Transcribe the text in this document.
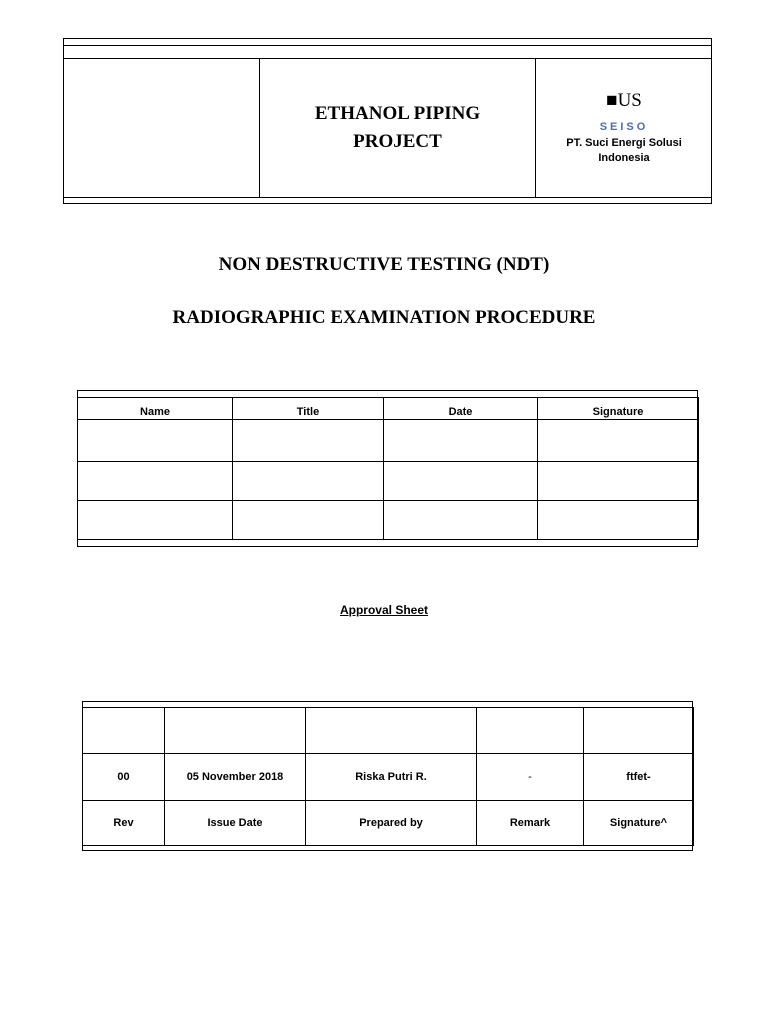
ETHANOL PIPING
PROJECT
■US
SEISO
PT. Suci Energi Solusi
Indonesia
NON DESTRUCTIVE TESTING (NDT)
RADIOGRAPHIC EXAMINATION PROCEDURE
Name	Title	Date	Signature

Approval Sheet

00	05 November 2018	Riska Putri R.	-	ftfet-
Rev	Issue Date	Prepared by	Remark	Signature^
